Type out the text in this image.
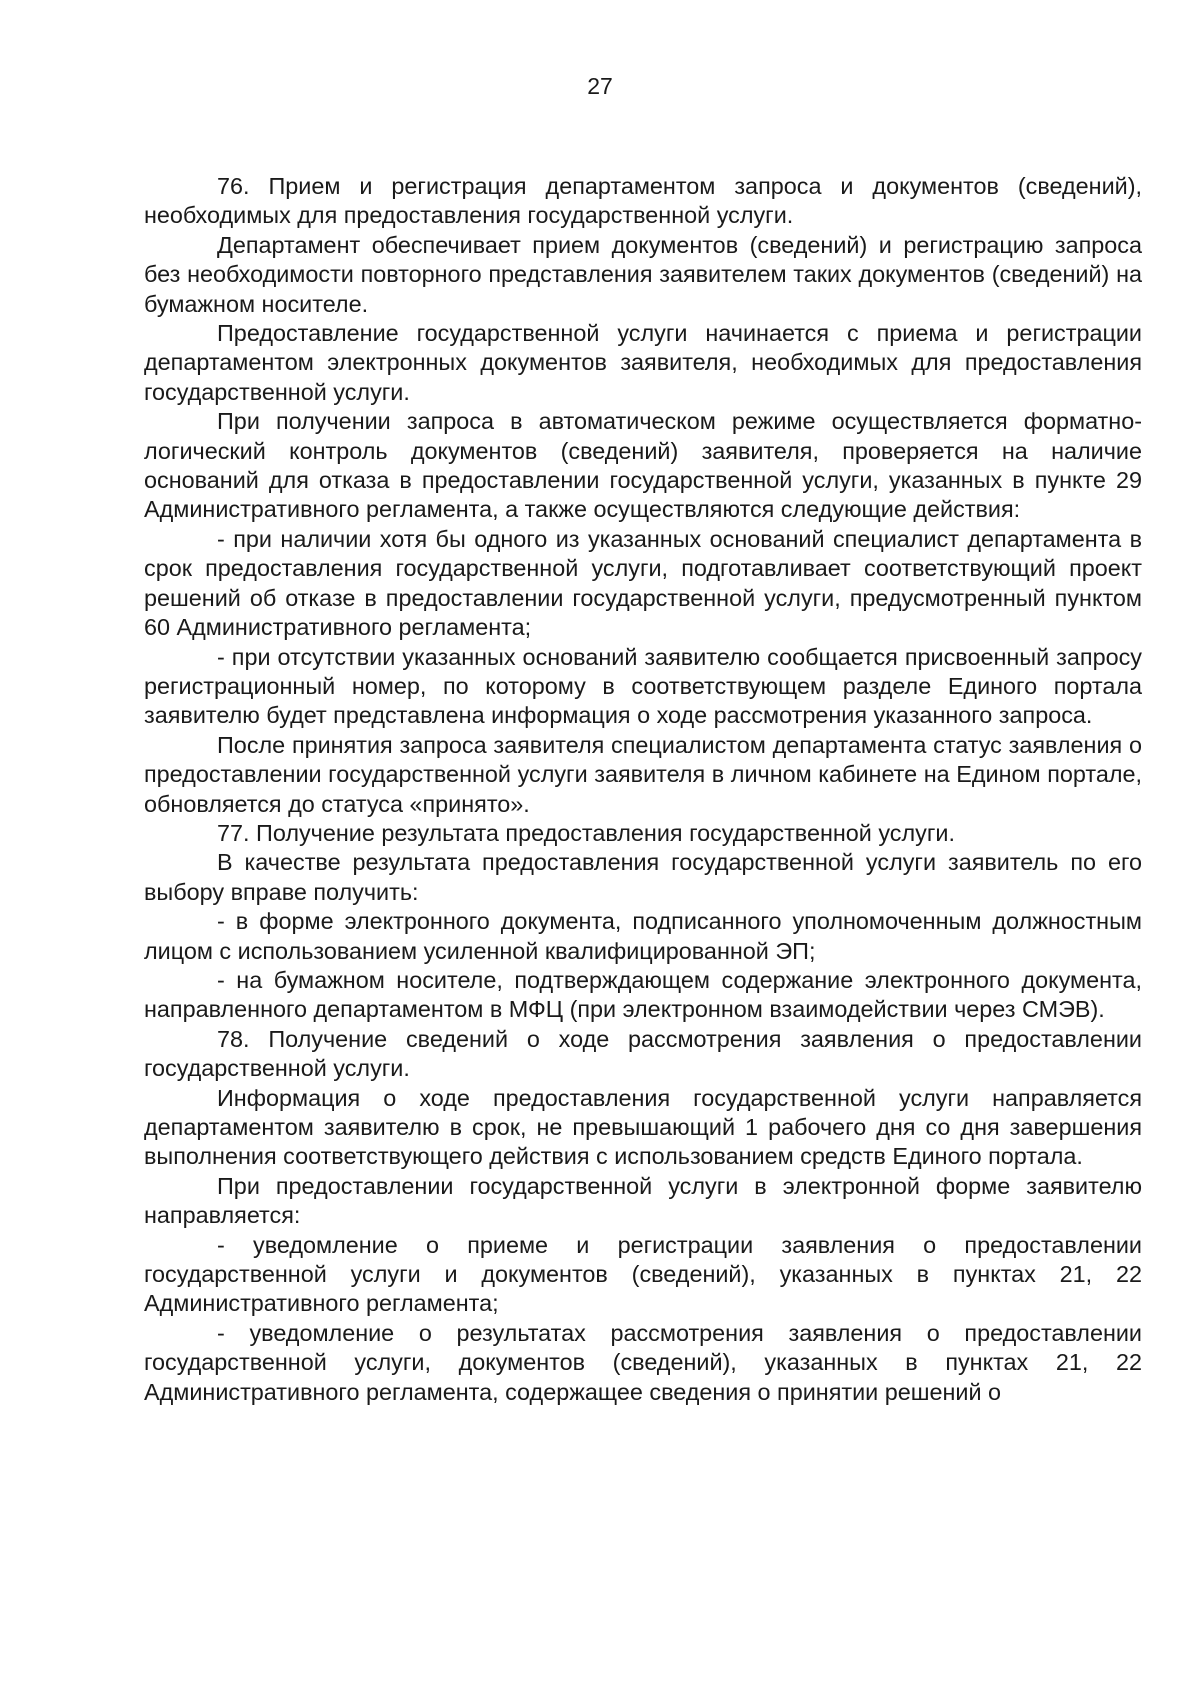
27

76. Прием и регистрация департаментом запроса и документов (сведений), необходимых для предоставления государственной услуги.

Департамент обеспечивает прием документов (сведений) и регистрацию запроса без необходимости повторного представления заявителем таких документов (сведений) на бумажном носителе.

Предоставление государственной услуги начинается с приема и регистрации департаментом электронных документов заявителя, необходимых для предоставления государственной услуги.

При получении запроса в автоматическом режиме осуществляется форматно-логический контроль документов (сведений) заявителя, проверяется на наличие оснований для отказа в предоставлении государственной услуги, указанных в пункте 29 Административного регламента, а также осуществляются следующие действия:

- при наличии хотя бы одного из указанных оснований специалист департамента в срок предоставления государственной услуги, подготавливает соответствующий проект решений об отказе в предоставлении государственной услуги, предусмотренный пунктом 60 Административного регламента;

- при отсутствии указанных оснований заявителю сообщается присвоенный запросу регистрационный номер, по которому в соответствующем разделе Единого портала заявителю будет представлена информация о ходе рассмотрения указанного запроса.

После принятия запроса заявителя специалистом департамента статус заявления о предоставлении государственной услуги заявителя в личном кабинете на Едином портале, обновляется до статуса «принято».

77. Получение результата предоставления государственной услуги.

В качестве результата предоставления государственной услуги заявитель по его выбору вправе получить:

- в форме электронного документа, подписанного уполномоченным должностным лицом с использованием усиленной квалифицированной ЭП;

- на бумажном носителе, подтверждающем содержание электронного документа, направленного департаментом в МФЦ (при электронном взаимодействии через СМЭВ).

78. Получение сведений о ходе рассмотрения заявления о предоставлении государственной услуги.

Информация о ходе предоставления государственной услуги направляется департаментом заявителю в срок, не превышающий 1 рабочего дня со дня завершения выполнения соответствующего действия с использованием средств Единого портала.

При предоставлении государственной услуги в электронной форме заявителю направляется:

- уведомление о приеме и регистрации заявления о предоставлении государственной услуги и документов (сведений), указанных в пунктах 21, 22 Административного регламента;

- уведомление о результатах рассмотрения заявления о предоставлении государственной услуги, документов (сведений), указанных в пунктах 21, 22 Административного регламента, содержащее сведения о принятии решений о
